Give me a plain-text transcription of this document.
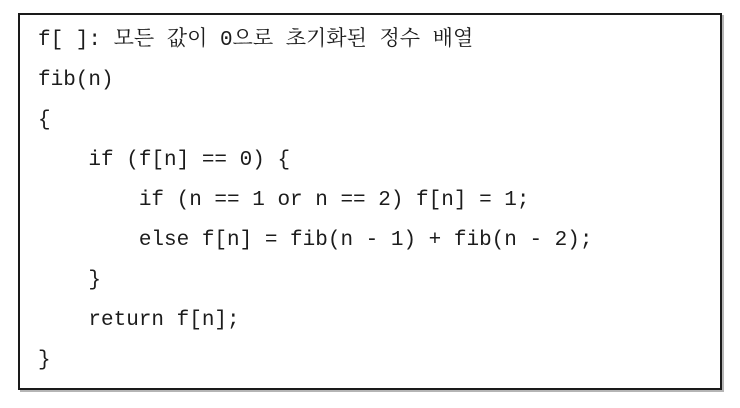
f[ ]: 모든 값이 0으로 초기화된 정수 배열
fib(n)
{
if (f[n] == 0) {
if (n == 1 or n == 2) f[n] = 1;
else f[n] = fib(n - 1) + fib(n - 2);
}
return f[n];
}
